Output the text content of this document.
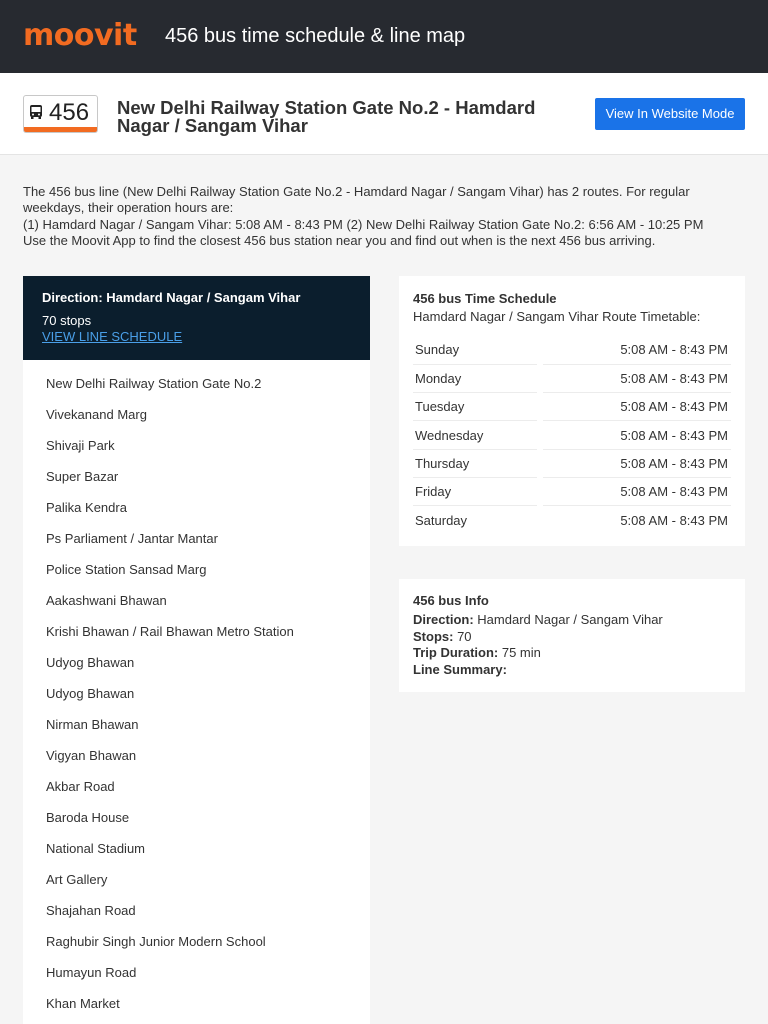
moovit 456 bus time schedule & line map
456 New Delhi Railway Station Gate No.2 - Hamdard Nagar / Sangam Vihar
View In Website Mode
The 456 bus line (New Delhi Railway Station Gate No.2 - Hamdard Nagar / Sangam Vihar) has 2 routes. For regular weekdays, their operation hours are:
(1) Hamdard Nagar / Sangam Vihar: 5:08 AM - 8:43 PM (2) New Delhi Railway Station Gate No.2: 6:56 AM - 10:25 PM
Use the Moovit App to find the closest 456 bus station near you and find out when is the next 456 bus arriving.
Direction: Hamdard Nagar / Sangam Vihar
70 stops
VIEW LINE SCHEDULE
New Delhi Railway Station Gate No.2
Vivekanand Marg
Shivaji Park
Super Bazar
Palika Kendra
Ps Parliament / Jantar Mantar
Police Station Sansad Marg
Aakashwani Bhawan
Krishi Bhawan / Rail Bhawan Metro Station
Udyog Bhawan
Udyog Bhawan
Nirman Bhawan
Vigyan Bhawan
Akbar Road
Baroda House
National Stadium
Art Gallery
Shajahan Road
Raghubir Singh Junior Modern School
Humayun Road
Khan Market
456 bus Time Schedule
Hamdard Nagar / Sangam Vihar Route Timetable:
Sunday		5:08 AM - 8:43 PM
Monday		5:08 AM - 8:43 PM
Tuesday		5:08 AM - 8:43 PM
Wednesday		5:08 AM - 8:43 PM
Thursday		5:08 AM - 8:43 PM
Friday		5:08 AM - 8:43 PM
Saturday		5:08 AM - 8:43 PM
456 bus Info
Direction: Hamdard Nagar / Sangam Vihar
Stops: 70
Trip Duration: 75 min
Line Summary:
